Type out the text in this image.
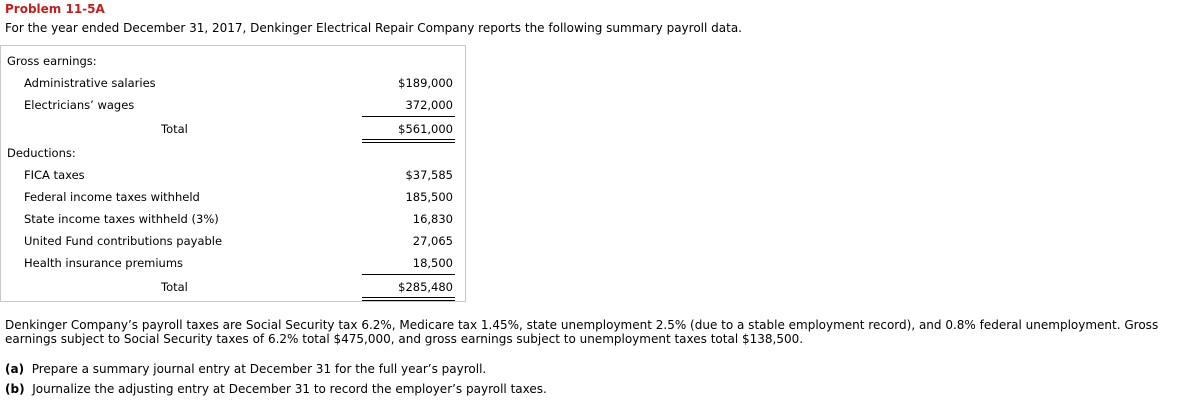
Problem 11-5A
For the year ended December 31, 2017, Denkinger Electrical Repair Company reports the following summary payroll data.
Gross earnings:
Administrative salaries	$189,000
Electricians’ wages	372,000
Total	$561,000
Deductions:
FICA taxes	$37,585
Federal income taxes withheld	185,500
State income taxes withheld (3%)	16,830
United Fund contributions payable	27,065
Health insurance premiums	18,500
Total	$285,480
Denkinger Company’s payroll taxes are Social Security tax 6.2%, Medicare tax 1.45%, state unemployment 2.5% (due to a stable employment record), and 0.8% federal unemployment. Gross earnings subject to Social Security taxes of 6.2% total $475,000, and gross earnings subject to unemployment taxes total $138,500.
(a) Prepare a summary journal entry at December 31 for the full year’s payroll.
(b) Journalize the adjusting entry at December 31 to record the employer’s payroll taxes.
